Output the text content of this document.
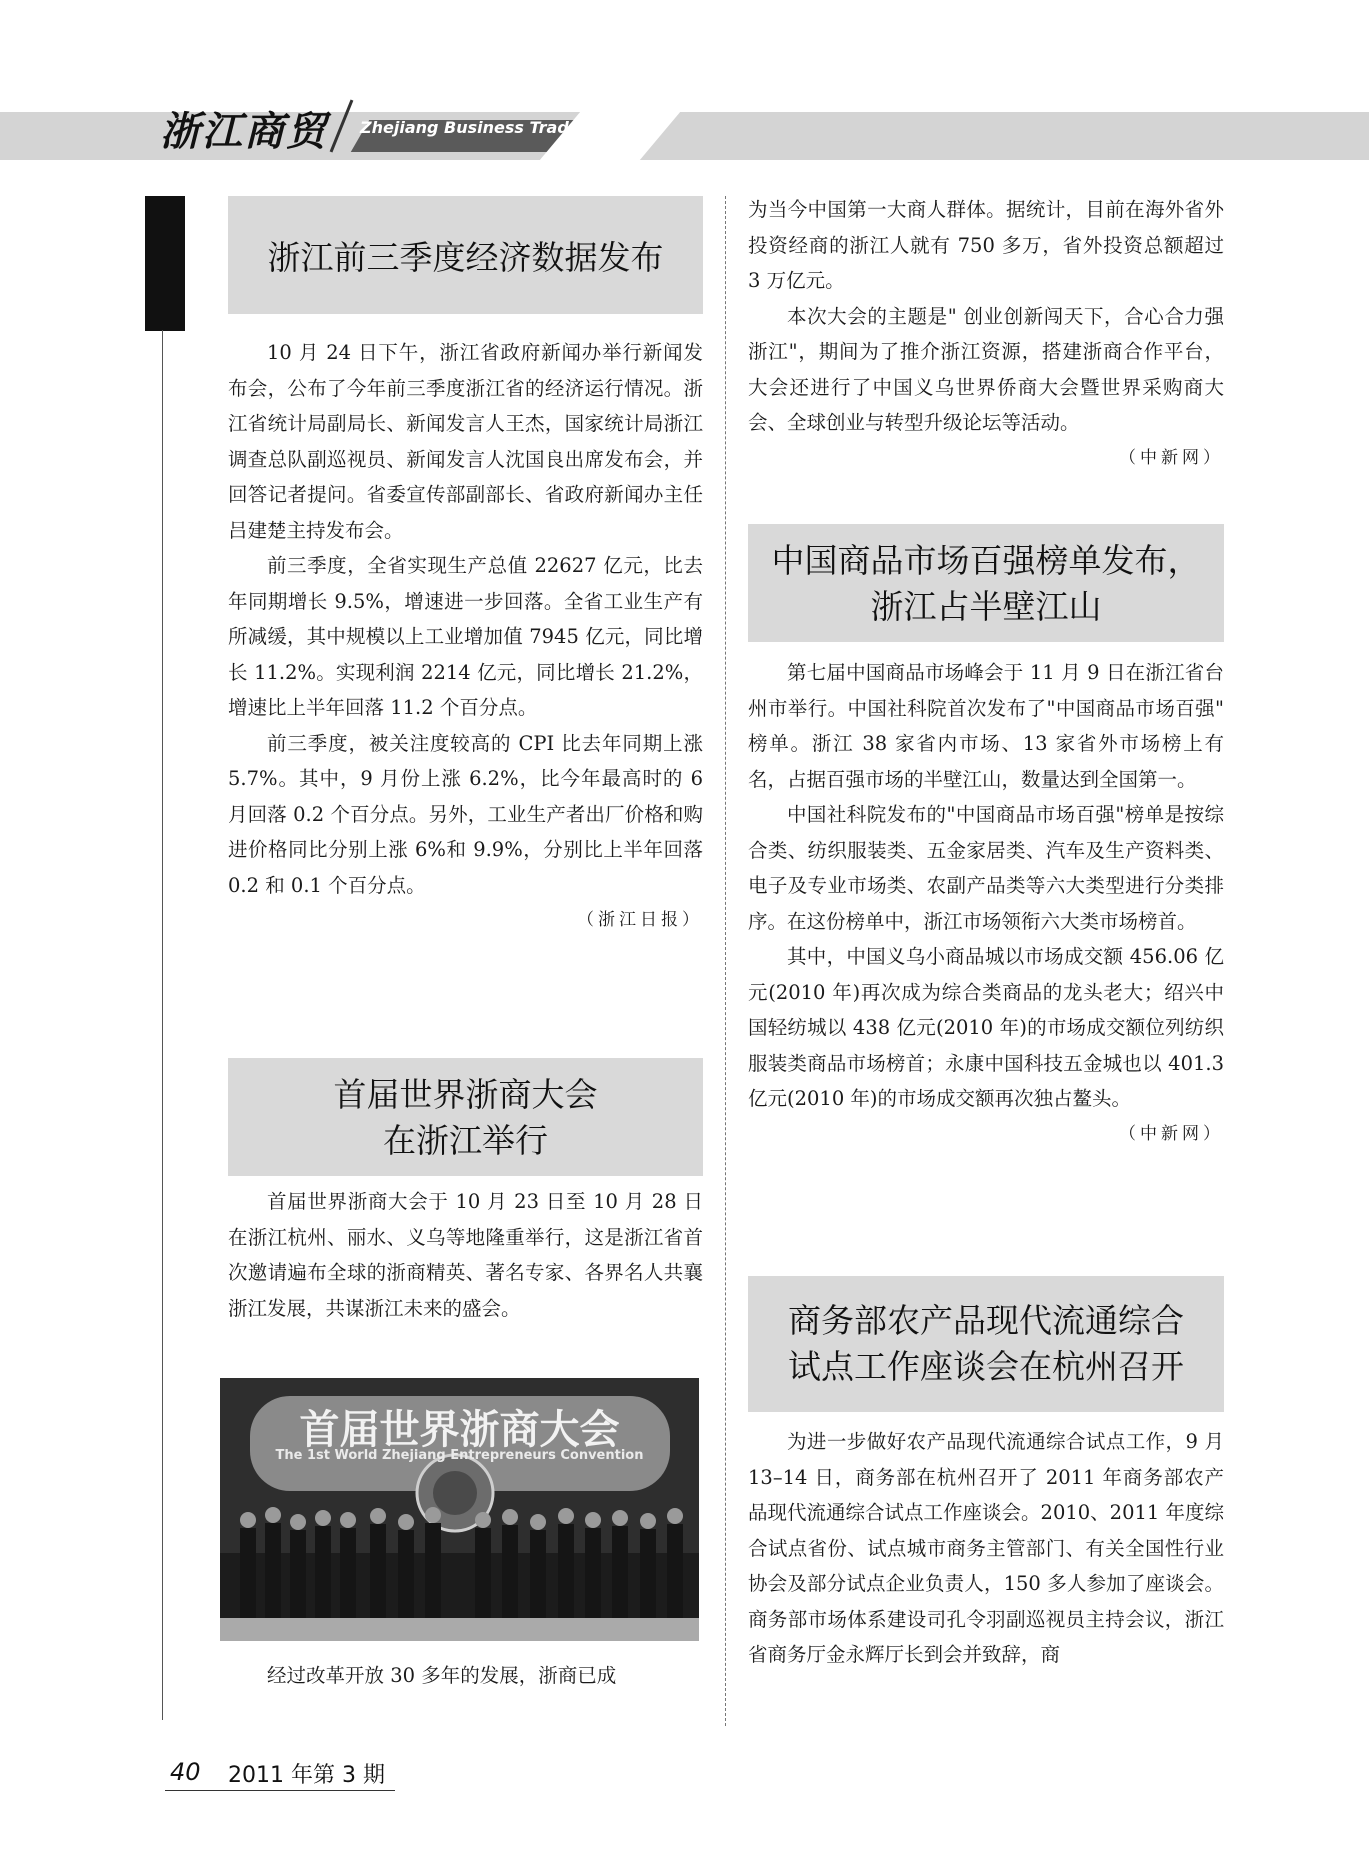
浙江商贸 Zhejiang Business Trade
浙江前三季度经济数据发布

10 月 24 日下午，浙江省政府新闻办举行新闻发布会，公布了今年前三季度浙江省的经济运行情况。浙江省统计局副局长、新闻发言人王杰，国家统计局浙江调查总队副巡视员、新闻发言人沈国良出席发布会，并回答记者提问。省委宣传部副部长、省政府新闻办主任吕建楚主持发布会。

前三季度，全省实现生产总值 22627 亿元，比去年同期增长 9.5%，增速进一步回落。全省工业生产有所减缓，其中规模以上工业增加值 7945 亿元，同比增长 11.2%。实现利润 2214 亿元，同比增长 21.2%，增速比上半年回落 11.2 个百分点。

前三季度，被关注度较高的 CPI 比去年同期上涨 5.7%。其中，9 月份上涨 6.2%，比今年最高时的 6 月回落 0.2 个百分点。另外，工业生产者出厂价格和购进价格同比分别上涨 6%和 9.9%，分别比上半年回落 0.2 和 0.1 个百分点。

（浙江日报）

首届世界浙商大会
在浙江举行

首届世界浙商大会于 10 月 23 日至 10 月 28 日在浙江杭州、丽水、义乌等地隆重举行，这是浙江省首次邀请遍布全球的浙商精英、著名专家、各界名人共襄浙江发展，共谋浙江未来的盛会。

首届世界浙商大会
The 1st World Zhejiang Entrepreneurs Convention

经过改革开放 30 多年的发展，浙商已成

为当今中国第一大商人群体。据统计，目前在海外省外投资经商的浙江人就有 750 多万，省外投资总额超过 3 万亿元。

本次大会的主题是" 创业创新闯天下，合心合力强浙江"，期间为了推介浙江资源，搭建浙商合作平台，大会还进行了中国义乌世界侨商大会暨世界采购商大会、全球创业与转型升级论坛等活动。

（中新网）

中国商品市场百强榜单发布，
浙江占半壁江山

第七届中国商品市场峰会于 11 月 9 日在浙江省台州市举行。中国社科院首次发布了"中国商品市场百强" 榜单。浙江 38 家省内市场、13 家省外市场榜上有名，占据百强市场的半壁江山，数量达到全国第一。

中国社科院发布的"中国商品市场百强"榜单是按综合类、纺织服装类、五金家居类、汽车及生产资料类、电子及专业市场类、农副产品类等六大类型进行分类排序。在这份榜单中，浙江市场领衔六大类市场榜首。

其中，中国义乌小商品城以市场成交额 456.06 亿元(2010 年)再次成为综合类商品的龙头老大；绍兴中国轻纺城以 438 亿元(2010 年)的市场成交额位列纺织服装类商品市场榜首；永康中国科技五金城也以 401.3 亿元(2010 年)的市场成交额再次独占鳌头。

（中新网）

商务部农产品现代流通综合
试点工作座谈会在杭州召开

为进一步做好农产品现代流通综合试点工作，9 月 13–14 日，商务部在杭州召开了 2011 年商务部农产品现代流通综合试点工作座谈会。2010、2011 年度综合试点省份、试点城市商务主管部门、有关全国性行业协会及部分试点企业负责人，150 多人参加了座谈会。商务部市场体系建设司孔令羽副巡视员主持会议，浙江省商务厅金永辉厅长到会并致辞，商

40 2011 年第 3 期
